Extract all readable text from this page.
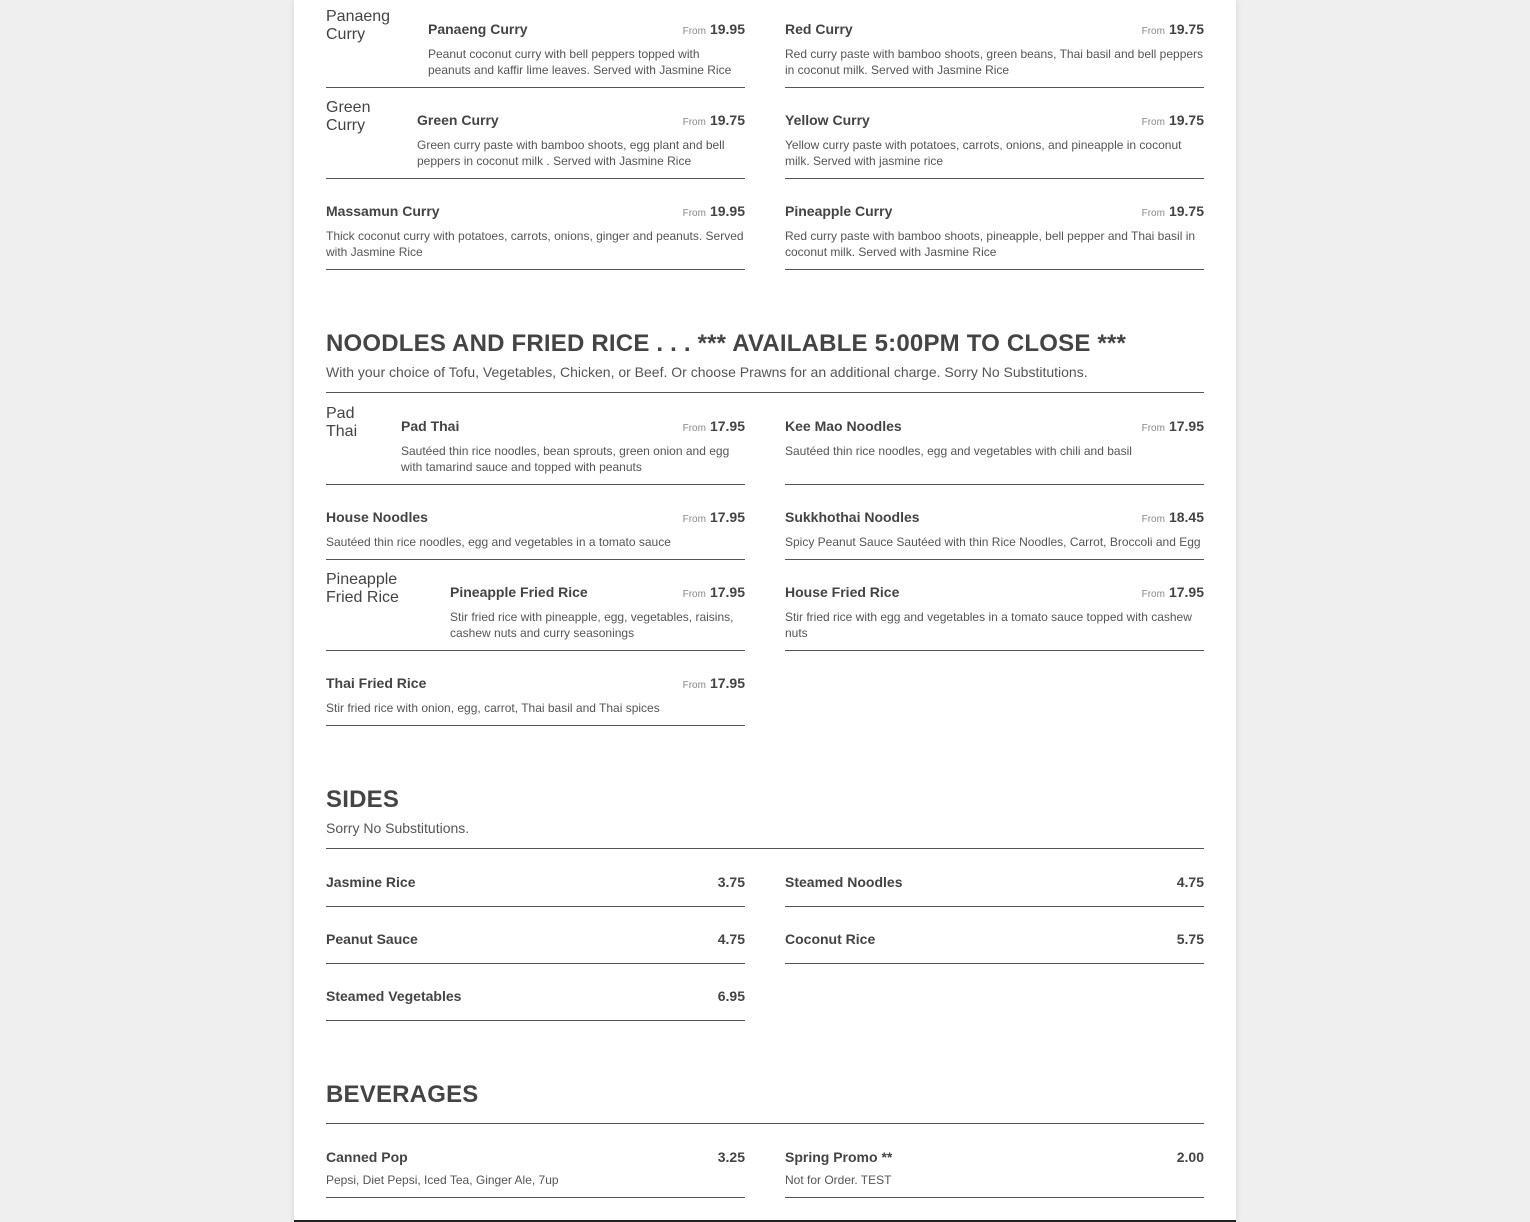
Panaeng Curry	Panaeng Curry	From 19.95
Peanut coconut curry with bell peppers topped with peanuts and kaffir lime leaves. Served with Jasmine Rice
Red Curry	From 19.75
Red curry paste with bamboo shoots, green beans, Thai basil and bell peppers in coconut milk. Served with Jasmine Rice
Green Curry	Green Curry	From 19.75
Green curry paste with bamboo shoots, egg plant and bell peppers in coconut milk . Served with Jasmine Rice
Yellow Curry	From 19.75
Yellow curry paste with potatoes, carrots, onions, and pineapple in coconut milk. Served with jasmine rice
Massamun Curry	From 19.95
Thick coconut curry with potatoes, carrots, onions, ginger and peanuts. Served with Jasmine Rice
Pineapple Curry	From 19.75
Red curry paste with bamboo shoots, pineapple, bell pepper and Thai basil in coconut milk. Served with Jasmine Rice
NOODLES AND FRIED RICE . . . *** AVAILABLE 5:00PM TO CLOSE ***
With your choice of Tofu, Vegetables, Chicken, or Beef. Or choose Prawns for an additional charge. Sorry No Substitutions.
Pad Thai	Pad Thai	From 17.95
Sautéed thin rice noodles, bean sprouts, green onion and egg with tamarind sauce and topped with peanuts
Kee Mao Noodles	From 17.95
Sautéed thin rice noodles, egg and vegetables with chili and basil
House Noodles	From 17.95
Sautéed thin rice noodles, egg and vegetables in a tomato sauce
Sukkhothai Noodles	From 18.45
Spicy Peanut Sauce Sautéed with thin Rice Noodles, Carrot, Broccoli and Egg
Pineapple Fried Rice	Pineapple Fried Rice	From 17.95
Stir fried rice with pineapple, egg, vegetables, raisins, cashew nuts and curry seasonings
House Fried Rice	From 17.95
Stir fried rice with egg and vegetables in a tomato sauce topped with cashew nuts
Thai Fried Rice	From 17.95
Stir fried rice with onion, egg, carrot, Thai basil and Thai spices
SIDES
Sorry No Substitutions.
Jasmine Rice	3.75	Steamed Noodles	4.75
Peanut Sauce	4.75	Coconut Rice	5.75
Steamed Vegetables	6.95
BEVERAGES
Canned Pop	3.25
Pepsi, Diet Pepsi, Iced Tea, Ginger Ale, 7up
Spring Promo **	2.00
Not for Order. TEST
